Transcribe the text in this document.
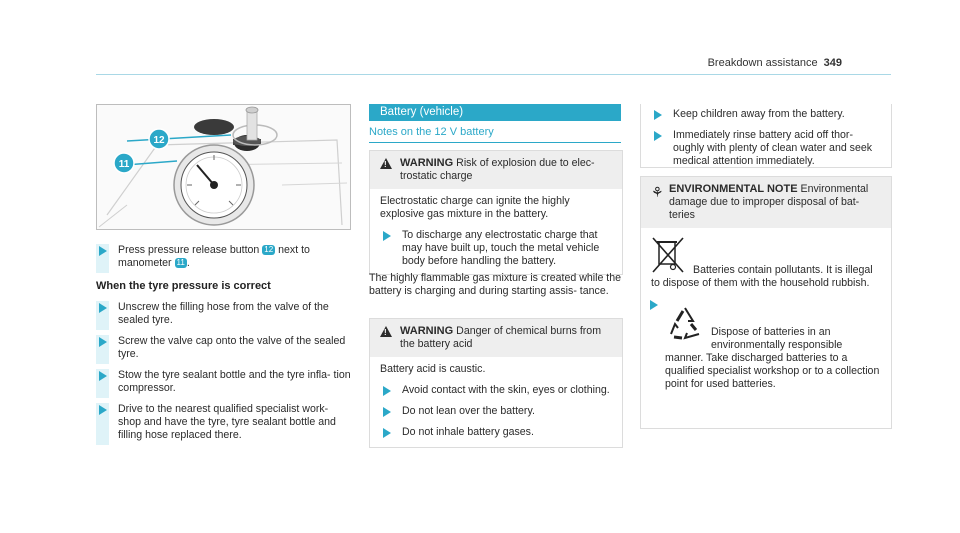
Breakdown assistance 349
12
11
Press pressure release button 12 next to manometer 11 .
When the tyre pressure is correct
Unscrew the filling hose from the valve of the sealed tyre.
Screw the valve cap onto the valve of the sealed tyre.
Stow the tyre sealant bottle and the tyre infla- tion compressor.
Drive to the nearest qualified specialist work- shop and have the tyre, tyre sealant bottle and filling hose replaced there.
Battery (vehicle)
Notes on the 12 V battery
!
WARNING Risk of explosion due to elec- trostatic charge
Electrostatic charge can ignite the highly explosive gas mixture in the battery.
To discharge any electrostatic charge that may have built up, touch the metal vehicle body before handling the battery.
The highly flammable gas mixture is created while the battery is charging and during starting assis- tance.
!
WARNING Danger of chemical burns from the battery acid
Battery acid is caustic.
Avoid contact with the skin, eyes or clothing.
Do not lean over the battery.
Do not inhale battery gases.
Keep children away from the battery.
Immediately rinse battery acid off thor- oughly with plenty of clean water and seek medical attention immediately.
⚘ ENVIRONMENTAL NOTE Environmental damage due to improper disposal of bat- teries
Batteries contain pollutants. It is illegal to dispose of them with the household rubbish.
Dispose of batteries in an environmentally responsible manner. Take discharged batteries to a qualified specialist workshop or to a collection point for used batteries.
